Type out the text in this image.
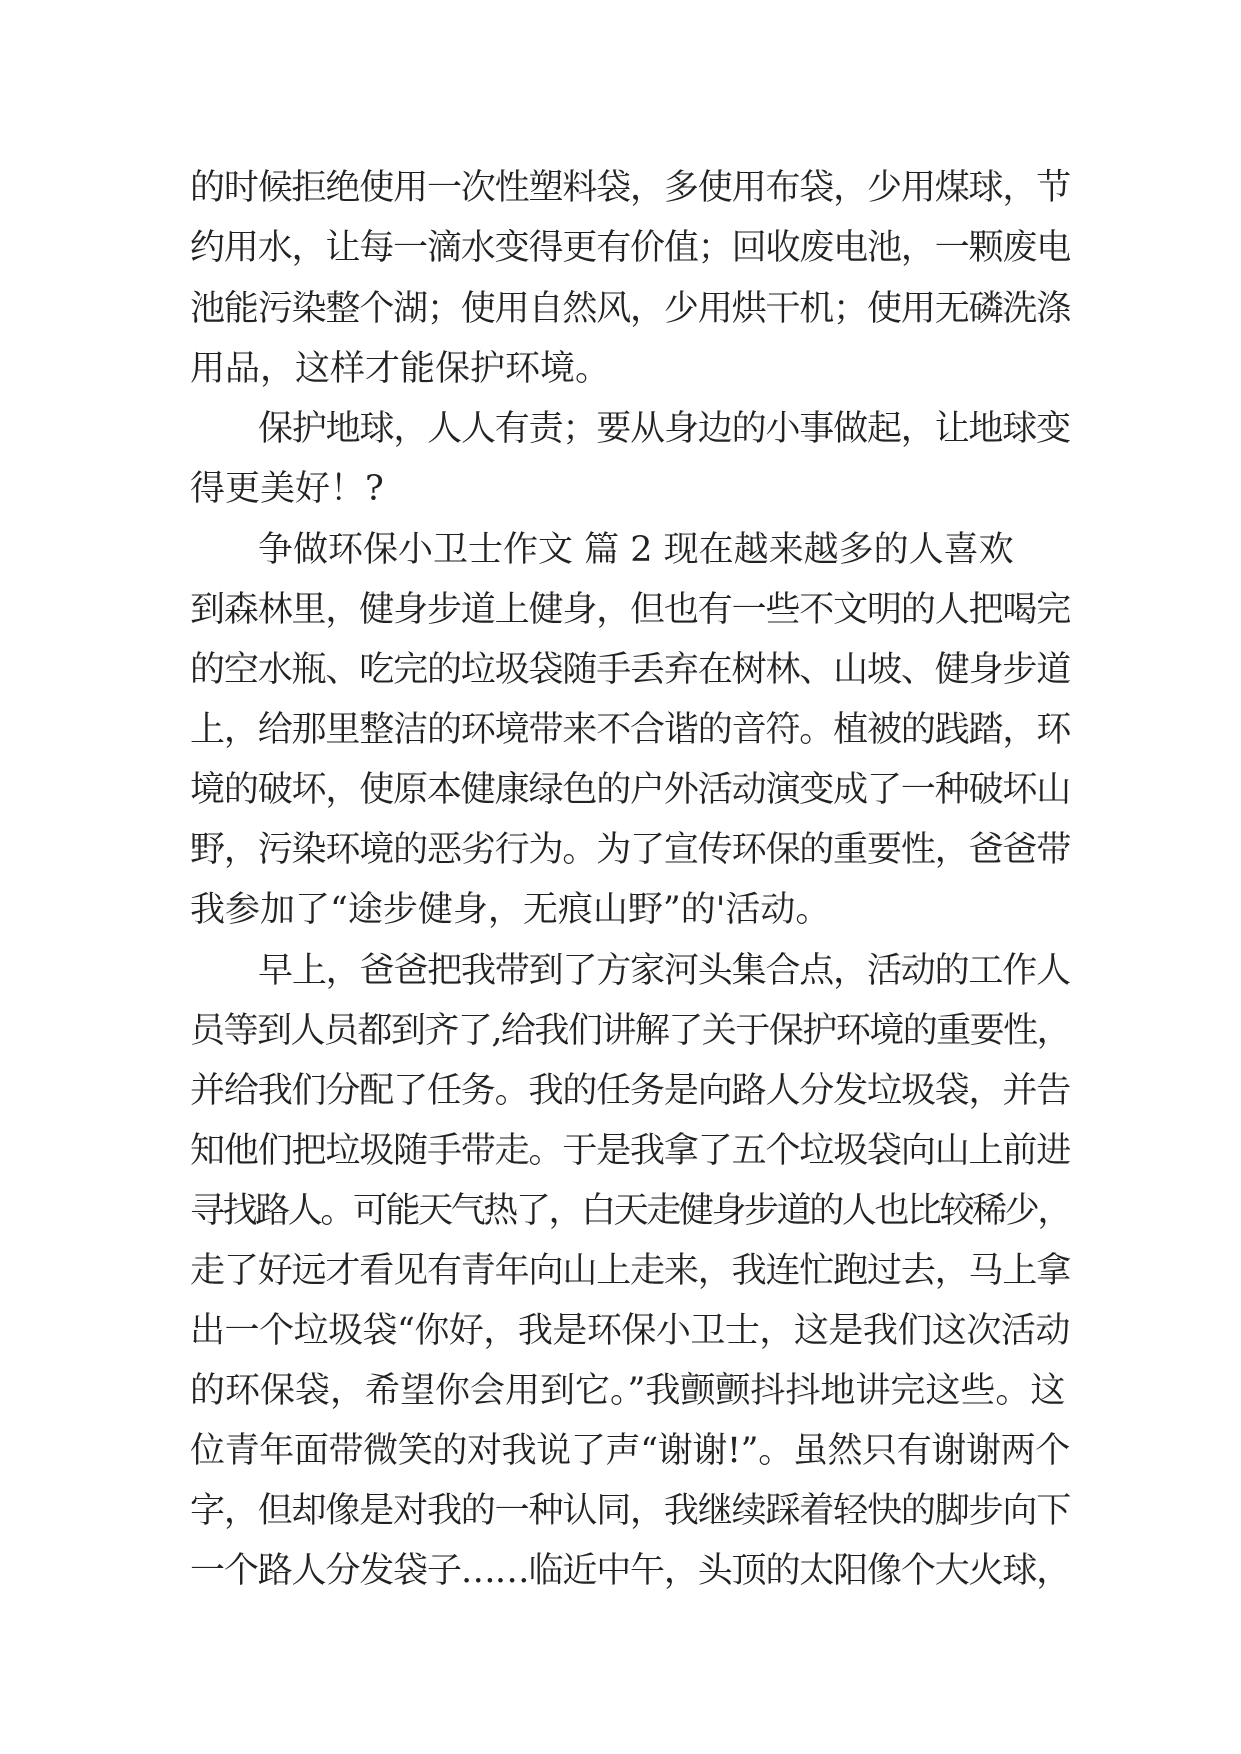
的时候拒绝使用一次性塑料袋，多使用布袋，少用煤球，节
约用水，让每一滴水变得更有价值；回收废电池，一颗废电
池能污染整个湖；使用自然风，少用烘干机；使用无磷洗涤
用品，这样才能保护环境。
保护地球，人人有责；要从身边的小事做起，让地球变
得更美好！?
争做环保小卫士作文 篇 2 现在越来越多的人喜欢
到森林里，健身步道上健身，但也有一些不文明的人把喝完
的空水瓶、吃完的垃圾袋随手丢弃在树林、山坡、健身步道
上，给那里整洁的环境带来不合谐的音符。植被的践踏，环
境的破坏，使原本健康绿色的户外活动演变成了一种破坏山
野，污染环境的恶劣行为。为了宣传环保的重要性，爸爸带
我参加了“途步健身，无痕山野”的'活动。
早上，爸爸把我带到了方家河头集合点，活动的工作人
员等到人员都到齐了,给我们讲解了关于保护环境的重要性，
并给我们分配了任务。我的任务是向路人分发垃圾袋，并告
知他们把垃圾随手带走。于是我拿了五个垃圾袋向山上前进
寻找路人。可能天气热了，白天走健身步道的人也比较稀少，
走了好远才看见有青年向山上走来，我连忙跑过去，马上拿
出一个垃圾袋“你好，我是环保小卫士，这是我们这次活动
的环保袋，希望你会用到它。”我颤颤抖抖地讲完这些。这
位青年面带微笑的对我说了声“谢谢!”。虽然只有谢谢两个
字，但却像是对我的一种认同，我继续踩着轻快的脚步向下
一个路人分发袋子……临近中午，头顶的太阳像个大火球，
